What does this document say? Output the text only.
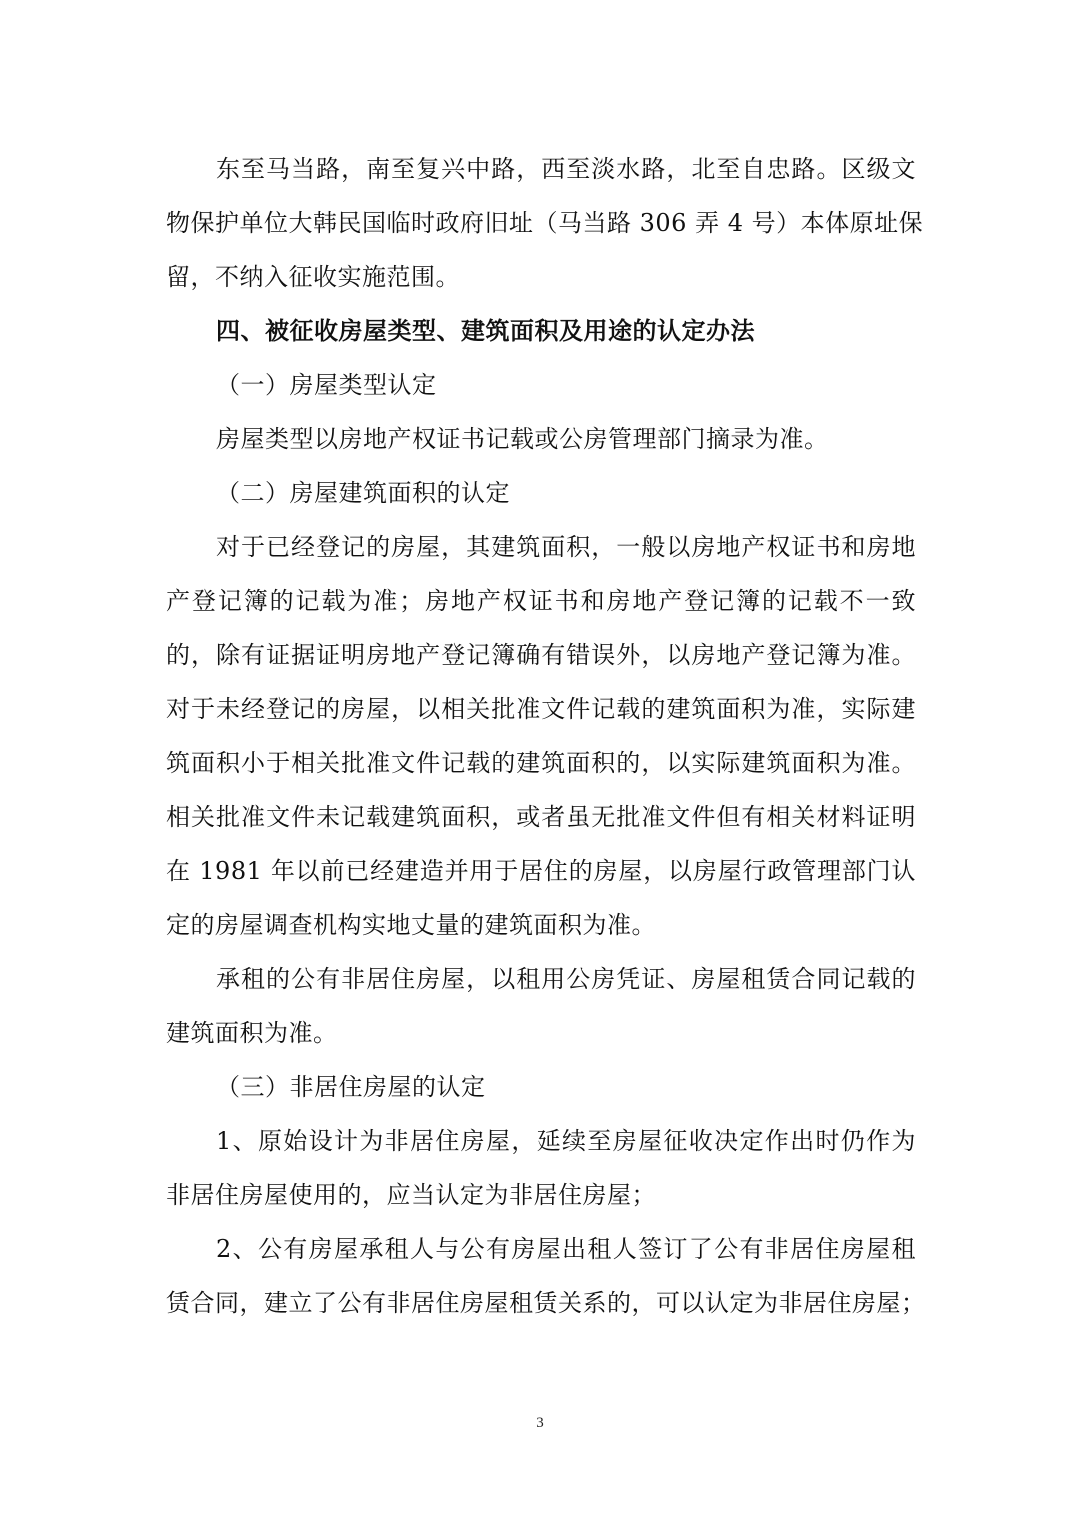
东至马当路，南至复兴中路，西至淡水路，北至自忠路。区级文
物保护单位大韩民国临时政府旧址（马当路 306 弄 4 号）本体原址保
留，不纳入征收实施范围。
四、被征收房屋类型、建筑面积及用途的认定办法
（一）房屋类型认定
房屋类型以房地产权证书记载或公房管理部门摘录为准。
（二）房屋建筑面积的认定
对于已经登记的房屋，其建筑面积，一般以房地产权证书和房地
产登记簿的记载为准；房地产权证书和房地产登记簿的记载不一致
的，除有证据证明房地产登记簿确有错误外，以房地产登记簿为准。
对于未经登记的房屋，以相关批准文件记载的建筑面积为准，实际建
筑面积小于相关批准文件记载的建筑面积的，以实际建筑面积为准。
相关批准文件未记载建筑面积，或者虽无批准文件但有相关材料证明
在 1981 年以前已经建造并用于居住的房屋，以房屋行政管理部门认
定的房屋调查机构实地丈量的建筑面积为准。
承租的公有非居住房屋，以租用公房凭证、房屋租赁合同记载的
建筑面积为准。
（三）非居住房屋的认定
1、原始设计为非居住房屋，延续至房屋征收决定作出时仍作为
非居住房屋使用的，应当认定为非居住房屋；
2、公有房屋承租人与公有房屋出租人签订了公有非居住房屋租
赁合同，建立了公有非居住房屋租赁关系的，可以认定为非居住房屋；
3
